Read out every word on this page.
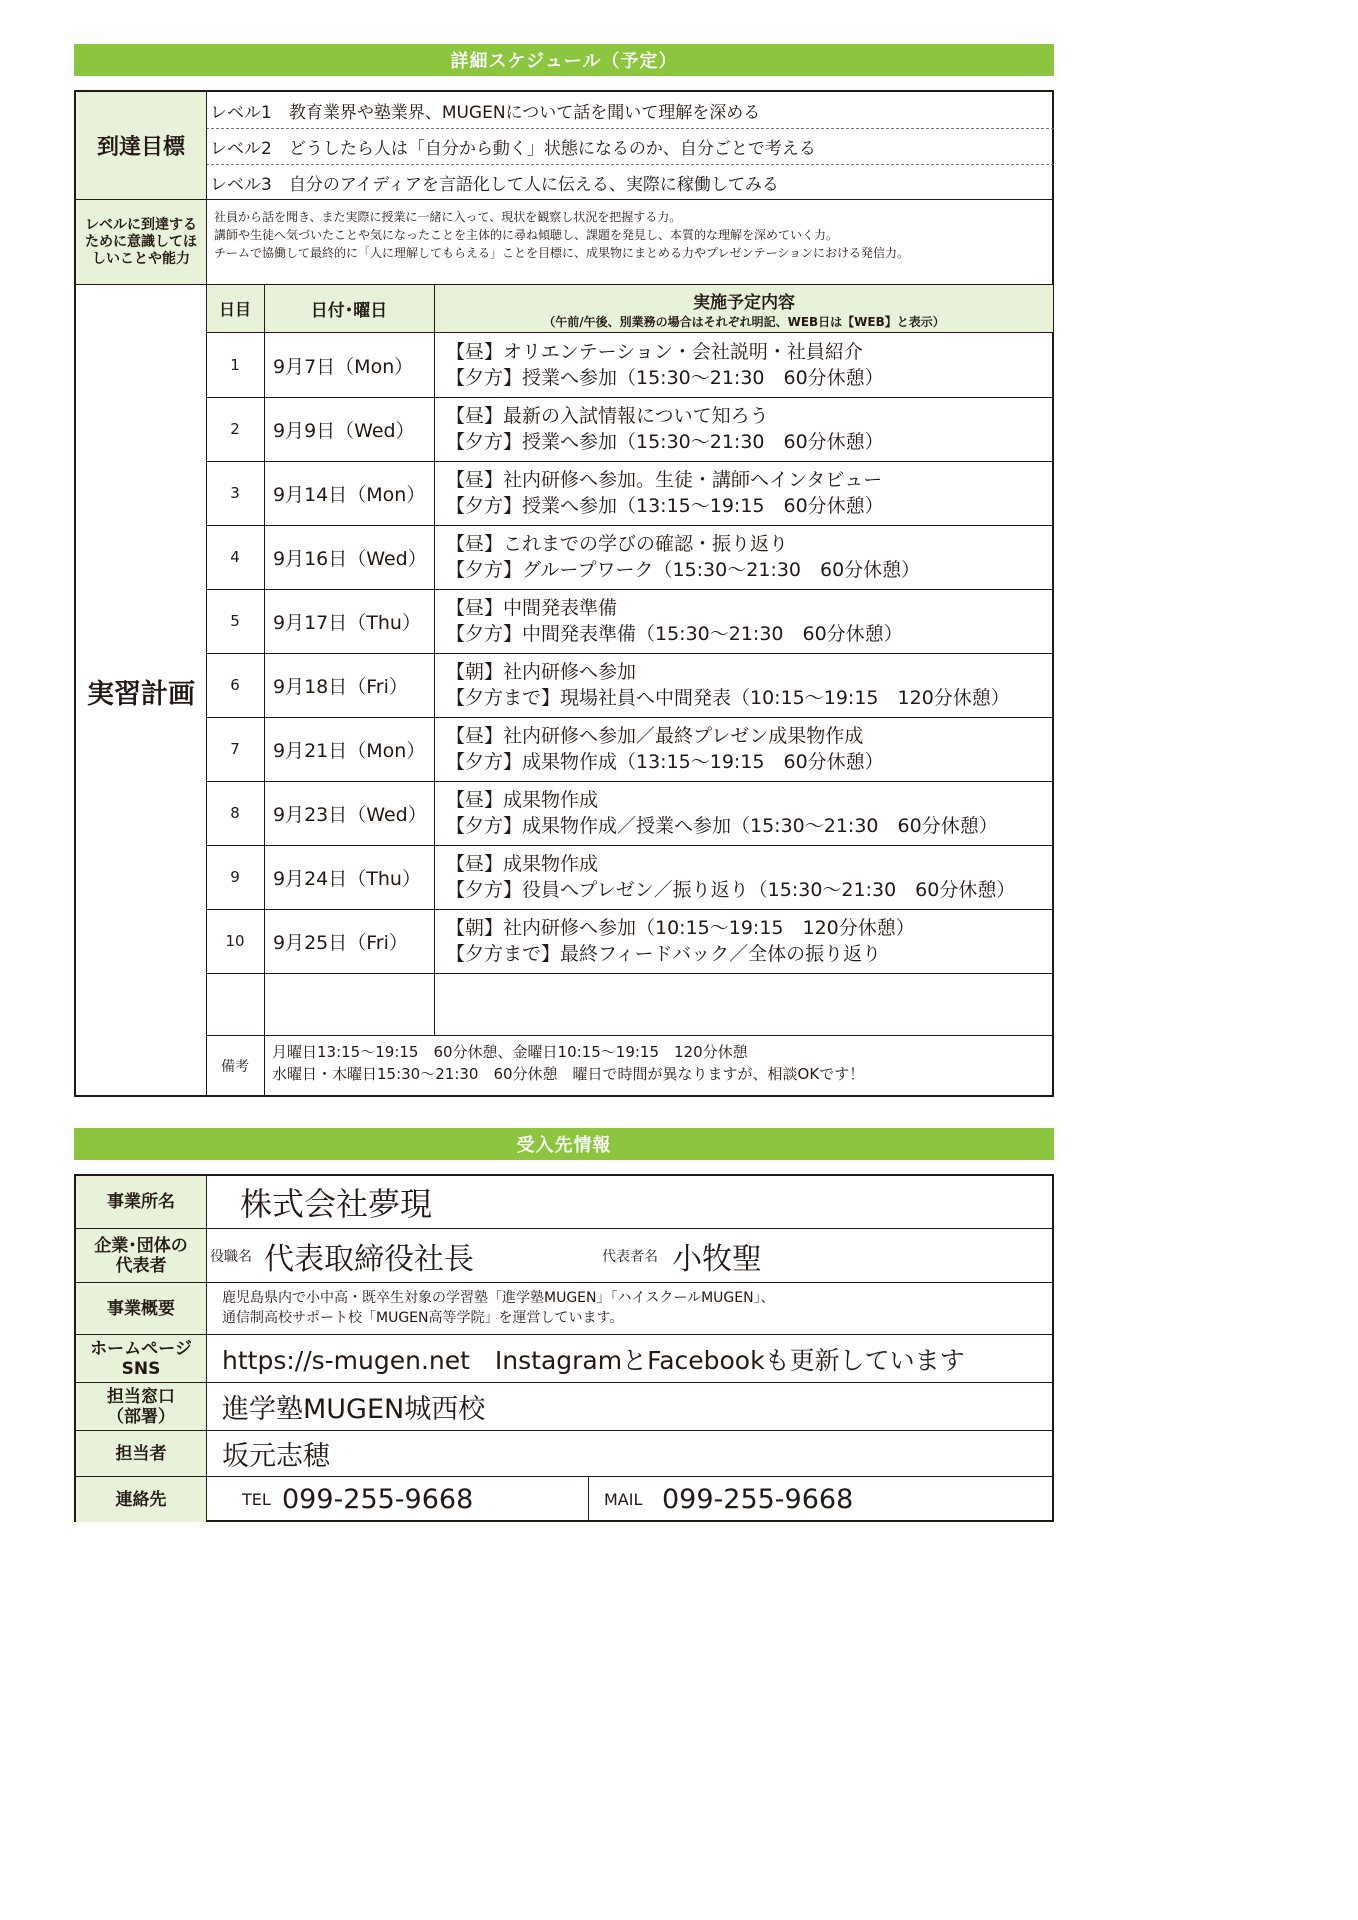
詳細スケジュール（予定）
到達目標
レベル1　教育業界や塾業界、MUGENについて話を聞いて理解を深める
レベル2　どうしたら人は「自分から動く」状態になるのか、自分ごとで考える
レベル3　自分のアイディアを言語化して人に伝える、実際に稼働してみる
レベルに到達する
ために意識してほ
しいことや能力
社員から話を聞き、また実際に授業に一緒に入って、現状を観察し状況を把握する力。
講師や生徒へ気づいたことや気になったことを主体的に尋ね傾聴し、課題を発見し、本質的な理解を深めていく力。
チームで協働して最終的に「人に理解してもらえる」ことを目標に、成果物にまとめる力やプレゼンテーションにおける発信力。
実習計画
日目	日付･曜日	実施予定内容
（午前/午後、別業務の場合はそれぞれ明記、WEB日は【WEB】と表示）
1	9月7日（Mon）
【昼】オリエンテーション・会社説明・社員紹介
【夕方】授業へ参加（15:30～21:30　60分休憩）
2	9月9日（Wed）
【昼】最新の入試情報について知ろう
【夕方】授業へ参加（15:30～21:30　60分休憩）
3	9月14日（Mon）
【昼】社内研修へ参加。生徒・講師へインタビュー
【夕方】授業へ参加（13:15～19:15　60分休憩）
4	9月16日（Wed）
【昼】これまでの学びの確認・振り返り
【夕方】グループワーク（15:30～21:30　60分休憩）
5	9月17日（Thu）
【昼】中間発表準備
【夕方】中間発表準備（15:30～21:30　60分休憩）
6	9月18日（Fri）
【朝】社内研修へ参加
【夕方まで】現場社員へ中間発表（10:15～19:15　120分休憩）
7	9月21日（Mon）
【昼】社内研修へ参加／最終プレゼン成果物作成
【夕方】成果物作成（13:15～19:15　60分休憩）
8	9月23日（Wed）
【昼】成果物作成
【夕方】成果物作成／授業へ参加（15:30～21:30　60分休憩）
9	9月24日（Thu）
【昼】成果物作成
【夕方】役員へプレゼン／振り返り（15:30～21:30　60分休憩）
10	9月25日（Fri）
【朝】社内研修へ参加（10:15～19:15　120分休憩）
【夕方まで】最終フィードバック／全体の振り返り
備考
月曜日13:15～19:15　60分休憩、金曜日10:15～19:15　120分休憩
水曜日・木曜日15:30～21:30　60分休憩　曜日で時間が異なりますが、相談OKです！
受入先情報
事業所名	株式会社夢現
企業･団体の
代表者	役職名 代表取締役社長	代表者名 小牧聖
事業概要
鹿児島県内で小中高・既卒生対象の学習塾「進学塾MUGEN」「ハイスクールMUGEN」、
通信制高校サポート校「MUGEN高等学院」を運営しています。
ホームページ
SNS https://s-mugen.net　InstagramとFacebookも更新しています
担当窓口
（部署） 進学塾MUGEN城西校
担当者	坂元志穂
連絡先	TEL 099-255-9668	MAIL 099-255-9668
